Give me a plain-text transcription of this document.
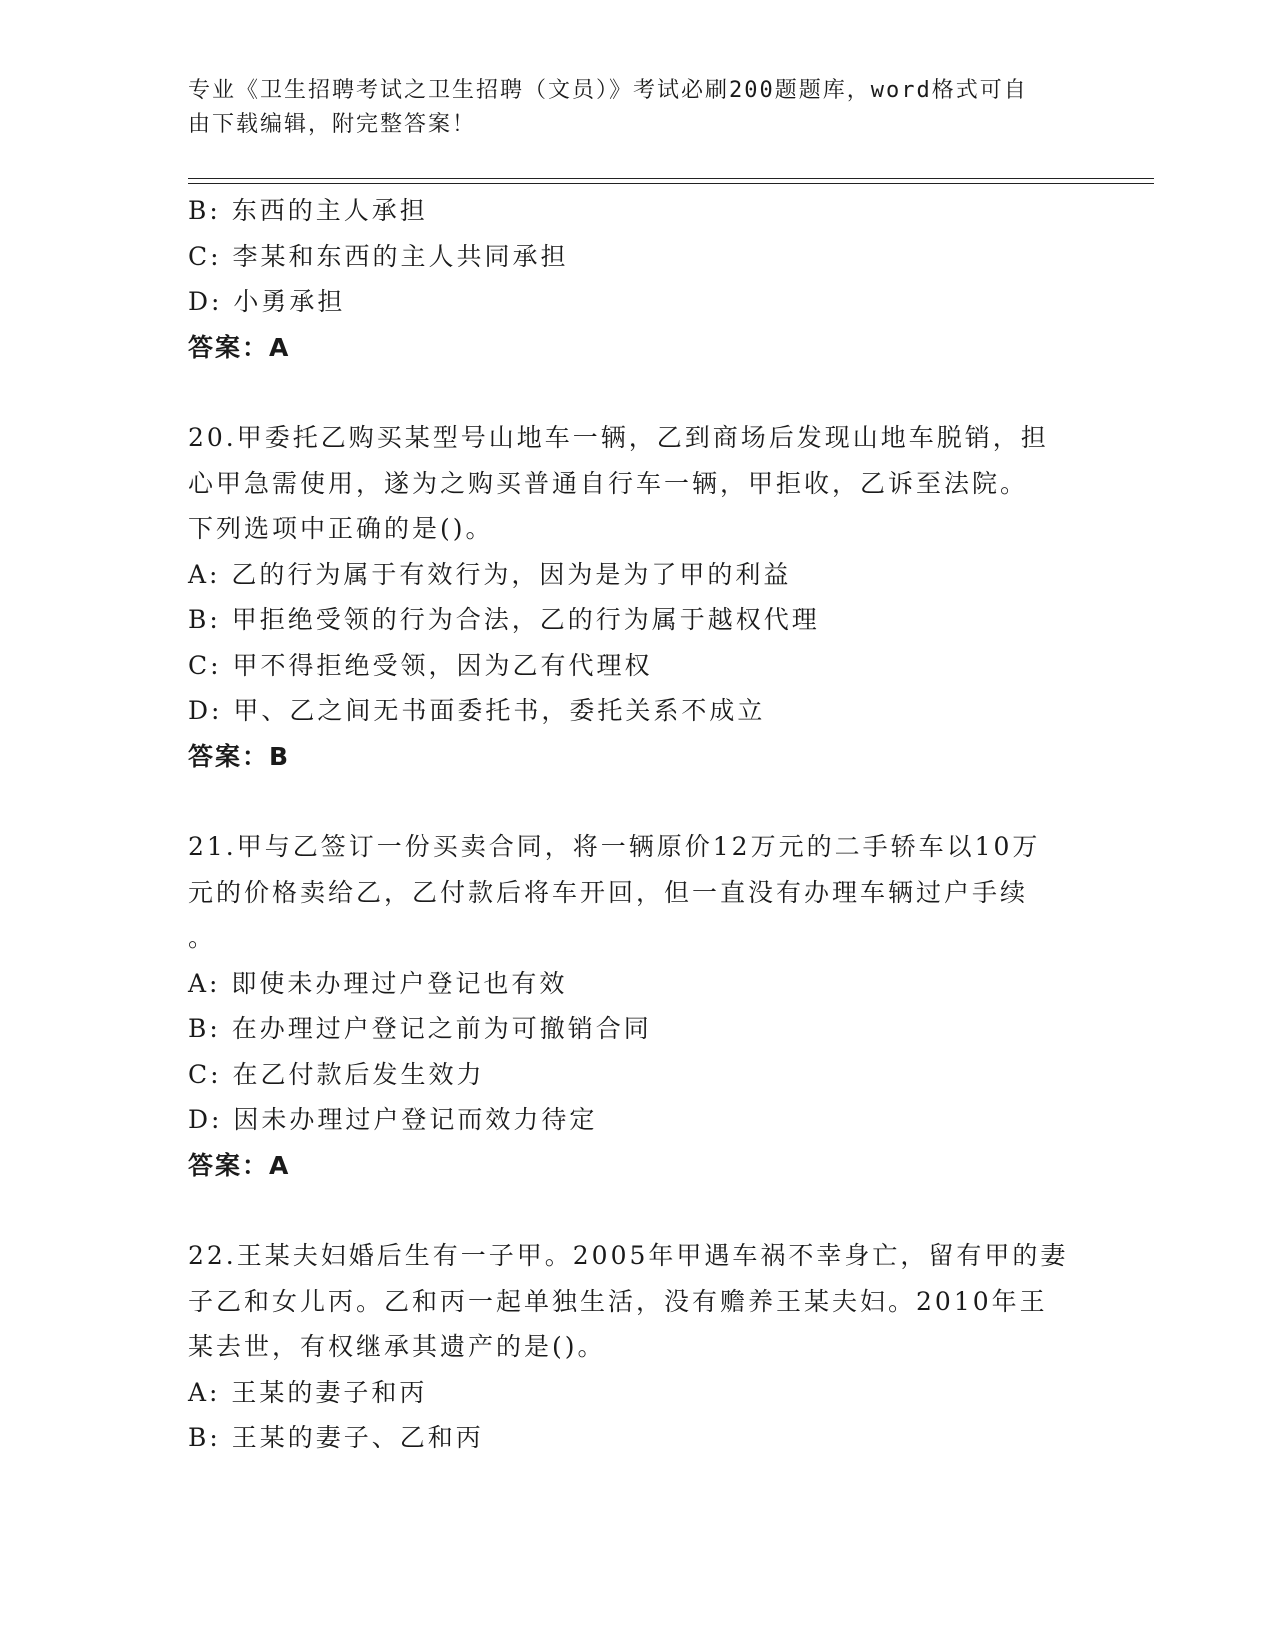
专业《卫生招聘考试之卫生招聘（文员）》考试必刷200题题库，word格式可自
由下载编辑，附完整答案！
B: 东西的主人承担
C: 李某和东西的主人共同承担
D: 小勇承担
答案：A
20.甲委托乙购买某型号山地车一辆，乙到商场后发现山地车脱销，担
心甲急需使用，遂为之购买普通自行车一辆，甲拒收，乙诉至法院。
下列选项中正确的是()。
A: 乙的行为属于有效行为，因为是为了甲的利益
B: 甲拒绝受领的行为合法，乙的行为属于越权代理
C: 甲不得拒绝受领，因为乙有代理权
D: 甲、乙之间无书面委托书，委托关系不成立
答案：B
21.甲与乙签订一份买卖合同，将一辆原价12万元的二手轿车以10万
元的价格卖给乙，乙付款后将车开回，但一直没有办理车辆过户手续
。
A: 即使未办理过户登记也有效
B: 在办理过户登记之前为可撤销合同
C: 在乙付款后发生效力
D: 因未办理过户登记而效力待定
答案：A
22.王某夫妇婚后生有一子甲。2005年甲遇车祸不幸身亡，留有甲的妻
子乙和女儿丙。乙和丙一起单独生活，没有赡养王某夫妇。2010年王
某去世，有权继承其遗产的是()。
A: 王某的妻子和丙
B: 王某的妻子、乙和丙
